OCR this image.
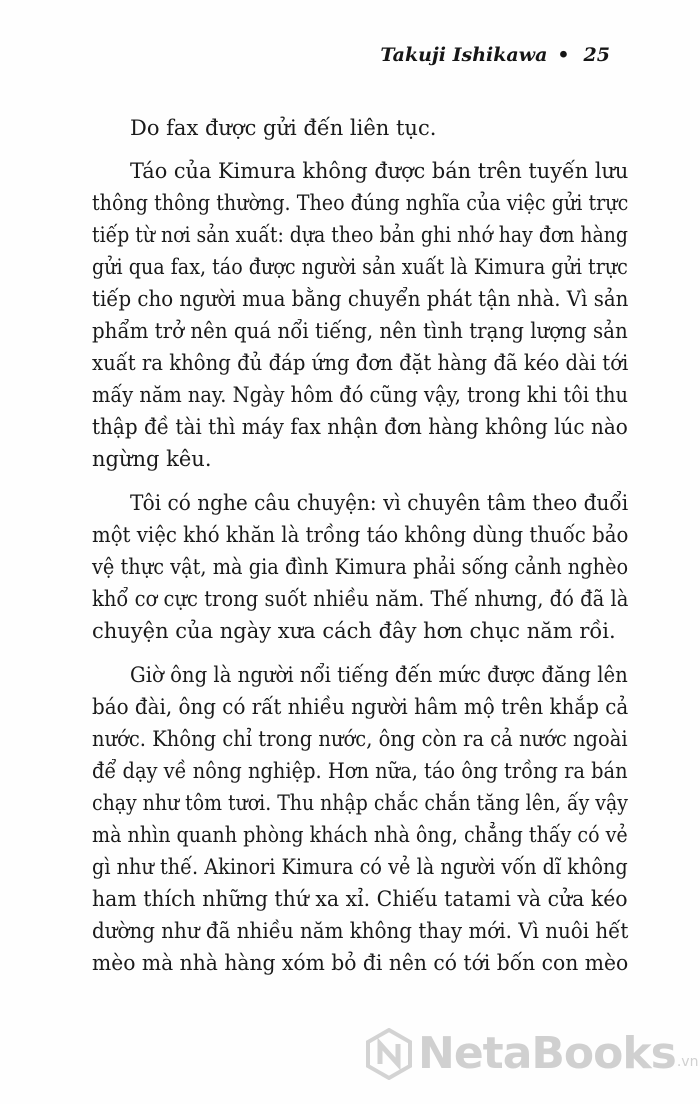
Takuji Ishikawa • 25
Do fax được gửi đến liên tục.
Táo của Kimura không được bán trên tuyến lưu
thông thông thường. Theo đúng nghĩa của việc gửi trực
tiếp từ nơi sản xuất: dựa theo bản ghi nhớ hay đơn hàng
gửi qua fax, táo được người sản xuất là Kimura gửi trực
tiếp cho người mua bằng chuyển phát tận nhà. Vì sản
phẩm trở nên quá nổi tiếng, nên tình trạng lượng sản
xuất ra không đủ đáp ứng đơn đặt hàng đã kéo dài tới
mấy năm nay. Ngày hôm đó cũng vậy, trong khi tôi thu
thập đề tài thì máy fax nhận đơn hàng không lúc nào
ngừng kêu.
Tôi có nghe câu chuyện: vì chuyên tâm theo đuổi
một việc khó khăn là trồng táo không dùng thuốc bảo
vệ thực vật, mà gia đình Kimura phải sống cảnh nghèo
khổ cơ cực trong suốt nhiều năm. Thế nhưng, đó đã là
chuyện của ngày xưa cách đây hơn chục năm rồi.
Giờ ông là người nổi tiếng đến mức được đăng lên
báo đài, ông có rất nhiều người hâm mộ trên khắp cả
nước. Không chỉ trong nước, ông còn ra cả nước ngoài
để dạy về nông nghiệp. Hơn nữa, táo ông trồng ra bán
chạy như tôm tươi. Thu nhập chắc chắn tăng lên, ấy vậy
mà nhìn quanh phòng khách nhà ông, chẳng thấy có vẻ
gì như thế. Akinori Kimura có vẻ là người vốn dĩ không
ham thích những thứ xa xỉ. Chiếu tatami và cửa kéo
dường như đã nhiều năm không thay mới. Vì nuôi hết
mèo mà nhà hàng xóm bỏ đi nên có tới bốn con mèo
NetaBooks .vn
